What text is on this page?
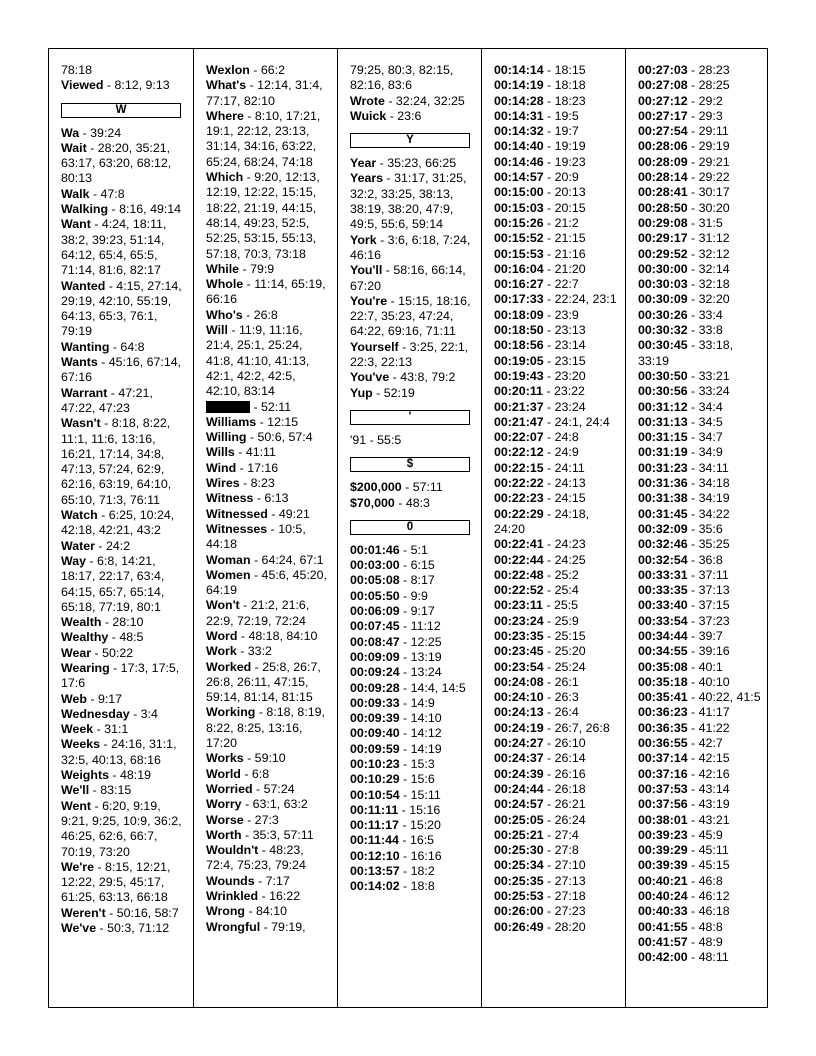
78:18
Viewed - 8:12, 9:13
W
Wa - 39:24
Wait - 28:20, 35:21, 63:17, 63:20, 68:12, 80:13
Walk - 47:8
Walking - 8:16, 49:14
Want - 4:24, 18:11, 38:2, 39:23, 51:14, 64:12, 65:4, 65:5, 71:14, 81:6, 82:17
Wanted - 4:15, 27:14, 29:19, 42:10, 55:19, 64:13, 65:3, 76:1, 79:19
Wanting - 64:8
Wants - 45:16, 67:14, 67:16
Warrant - 47:21, 47:22, 47:23
Wasn't - 8:18, 8:22, 11:1, 11:6, 13:16, 16:21, 17:14, 34:8, 47:13, 57:24, 62:9, 62:16, 63:19, 64:10, 65:10, 71:3, 76:11
Watch - 6:25, 10:24, 42:18, 42:21, 43:2
Water - 24:2
Way - 6:8, 14:21, 18:17, 22:17, 63:4, 64:15, 65:7, 65:14, 65:18, 77:19, 80:1
Wealth - 28:10
Wealthy - 48:5
Wear - 50:22
Wearing - 17:3, 17:5, 17:6
Web - 9:17
Wednesday - 3:4
Week - 31:1
Weeks - 24:16, 31:1, 32:5, 40:13, 68:16
Weights - 48:19
We'll - 83:15
Went - 6:20, 9:19, 9:21, 9:25, 10:9, 36:2, 46:25, 62:6, 66:7, 70:19, 73:20
We're - 8:15, 12:21, 12:22, 29:5, 45:17, 61:25, 63:13, 66:18
Weren't - 50:16, 58:7
We've - 50:3, 71:12
Wexlon - 66:2
What's - 12:14, 31:4, 77:17, 82:10
Where - 8:10, 17:21, 19:1, 22:12, 23:13, 31:14, 34:16, 63:22, 65:24, 68:24, 74:18
Which - 9:20, 12:13, 12:19, 12:22, 15:15, 18:22, 21:19, 44:15, 48:14, 49:23, 52:5, 52:25, 53:15, 55:13, 57:18, 70:3, 73:18
While - 79:9
Whole - 11:14, 65:19, 66:16
Who's - 26:8
Will - 11:9, 11:16, 21:4, 25:1, 25:24, 41:8, 41:10, 41:13, 42:1, 42:2, 42:5, 42:10, 83:14
- 52:11
Williams - 12:15
Willing - 50:6, 57:4
Wills - 41:11
Wind - 17:16
Wires - 8:23
Witness - 6:13
Witnessed - 49:21
Witnesses - 10:5, 44:18
Woman - 64:24, 67:1
Women - 45:6, 45:20, 64:19
Won't - 21:2, 21:6, 22:9, 72:19, 72:24
Word - 48:18, 84:10
Work - 33:2
Worked - 25:8, 26:7, 26:8, 26:11, 47:15, 59:14, 81:14, 81:15
Working - 8:18, 8:19, 8:22, 8:25, 13:16, 17:20
Works - 59:10
World - 6:8
Worried - 57:24
Worry - 63:1, 63:2
Worse - 27:3
Worth - 35:3, 57:11
Wouldn't - 48:23, 72:4, 75:23, 79:24
Wounds - 7:17
Wrinkled - 16:22
Wrong - 84:10
Wrongful - 79:19,
79:25, 80:3, 82:15, 82:16, 83:6
Wrote - 32:24, 32:25
Wuick - 23:6
Y
Year - 35:23, 66:25
Years - 31:17, 31:25, 32:2, 33:25, 38:13, 38:19, 38:20, 47:9, 49:5, 55:6, 59:14
York - 3:6, 6:18, 7:24, 46:16
You'll - 58:16, 66:14, 67:20
You're - 15:15, 18:16, 22:7, 35:23, 47:24, 64:22, 69:16, 71:11
Yourself - 3:25, 22:1, 22:3, 22:13
You've - 43:8, 79:2
Yup - 52:19
'
'91 - 55:5
$
$200,000 - 57:11
$70,000 - 48:3
0
00:01:46 - 5:1
00:03:00 - 6:15
00:05:08 - 8:17
00:05:50 - 9:9
00:06:09 - 9:17
00:07:45 - 11:12
00:08:47 - 12:25
00:09:09 - 13:19
00:09:24 - 13:24
00:09:28 - 14:4, 14:5
00:09:33 - 14:9
00:09:39 - 14:10
00:09:40 - 14:12
00:09:59 - 14:19
00:10:23 - 15:3
00:10:29 - 15:6
00:10:54 - 15:11
00:11:11 - 15:16
00:11:17 - 15:20
00:11:44 - 16:5
00:12:10 - 16:16
00:13:57 - 18:2
00:14:02 - 18:8
00:14:14 - 18:15
00:14:19 - 18:18
00:14:28 - 18:23
00:14:31 - 19:5
00:14:32 - 19:7
00:14:40 - 19:19
00:14:46 - 19:23
00:14:57 - 20:9
00:15:00 - 20:13
00:15:03 - 20:15
00:15:26 - 21:2
00:15:52 - 21:15
00:15:53 - 21:16
00:16:04 - 21:20
00:16:27 - 22:7
00:17:33 - 22:24, 23:1
00:18:09 - 23:9
00:18:50 - 23:13
00:18:56 - 23:14
00:19:05 - 23:15
00:19:43 - 23:20
00:20:11 - 23:22
00:21:37 - 23:24
00:21:47 - 24:1, 24:4
00:22:07 - 24:8
00:22:12 - 24:9
00:22:15 - 24:11
00:22:22 - 24:13
00:22:23 - 24:15
00:22:29 - 24:18, 24:20
00:22:41 - 24:23
00:22:44 - 24:25
00:22:48 - 25:2
00:22:52 - 25:4
00:23:11 - 25:5
00:23:24 - 25:9
00:23:35 - 25:15
00:23:45 - 25:20
00:23:54 - 25:24
00:24:08 - 26:1
00:24:10 - 26:3
00:24:13 - 26:4
00:24:19 - 26:7, 26:8
00:24:27 - 26:10
00:24:37 - 26:14
00:24:39 - 26:16
00:24:44 - 26:18
00:24:57 - 26:21
00:25:05 - 26:24
00:25:21 - 27:4
00:25:30 - 27:8
00:25:34 - 27:10
00:25:35 - 27:13
00:25:53 - 27:18
00:26:00 - 27:23
00:26:49 - 28:20
00:27:03 - 28:23
00:27:08 - 28:25
00:27:12 - 29:2
00:27:17 - 29:3
00:27:54 - 29:11
00:28:06 - 29:19
00:28:09 - 29:21
00:28:14 - 29:22
00:28:41 - 30:17
00:28:50 - 30:20
00:29:08 - 31:5
00:29:17 - 31:12
00:29:52 - 32:12
00:30:00 - 32:14
00:30:03 - 32:18
00:30:09 - 32:20
00:30:26 - 33:4
00:30:32 - 33:8
00:30:45 - 33:18, 33:19
00:30:50 - 33:21
00:30:56 - 33:24
00:31:12 - 34:4
00:31:13 - 34:5
00:31:15 - 34:7
00:31:19 - 34:9
00:31:23 - 34:11
00:31:36 - 34:18
00:31:38 - 34:19
00:31:45 - 34:22
00:32:09 - 35:6
00:32:46 - 35:25
00:32:54 - 36:8
00:33:31 - 37:11
00:33:35 - 37:13
00:33:40 - 37:15
00:33:54 - 37:23
00:34:44 - 39:7
00:34:55 - 39:16
00:35:08 - 40:1
00:35:18 - 40:10
00:35:41 - 40:22, 41:5
00:36:23 - 41:17
00:36:35 - 41:22
00:36:55 - 42:7
00:37:14 - 42:15
00:37:16 - 42:16
00:37:53 - 43:14
00:37:56 - 43:19
00:38:01 - 43:21
00:39:23 - 45:9
00:39:29 - 45:11
00:39:39 - 45:15
00:40:21 - 46:8
00:40:24 - 46:12
00:40:33 - 46:18
00:41:55 - 48:8
00:41:57 - 48:9
00:42:00 - 48:11
